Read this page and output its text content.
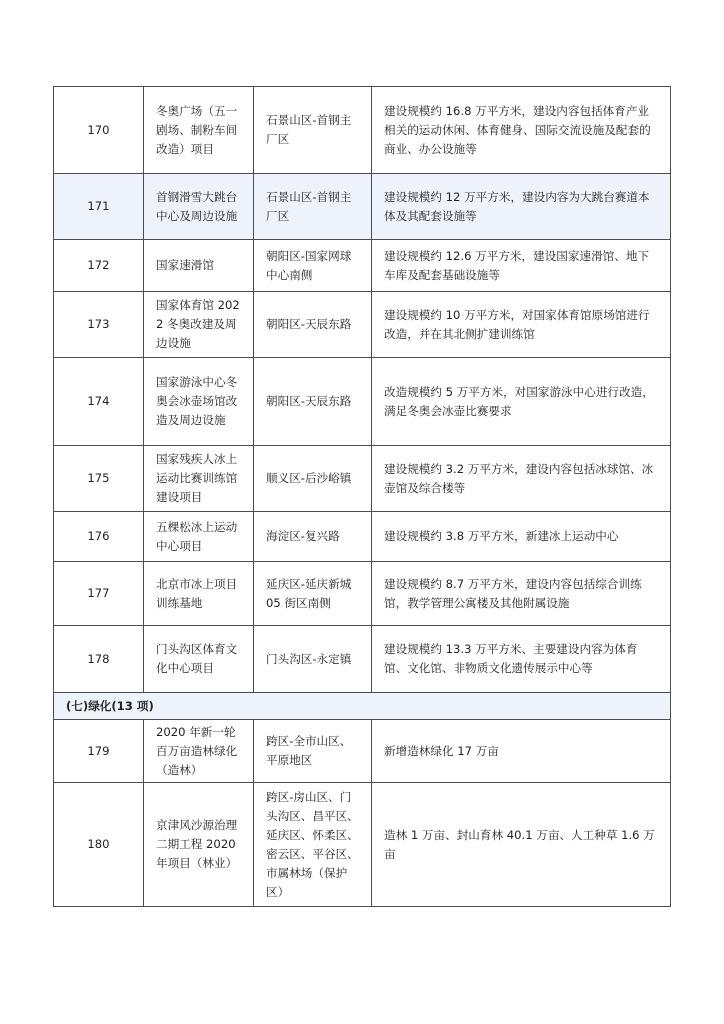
170	冬奥广场（五一剧场、制粉车间改造）项目	石景山区-首钢主厂区	建设规模约 16.8 万平方米，建设内容包括体育产业相关的运动休闲、体育健身、国际交流设施及配套的商业、办公设施等
171	首钢滑雪大跳台中心及周边设施	石景山区-首钢主厂区	建设规模约 12 万平方米，建设内容为大跳台赛道本体及其配套设施等
172	国家速滑馆	朝阳区-国家网球中心南侧	建设规模约 12.6 万平方米，建设国家速滑馆、地下车库及配套基础设施等
173	国家体育馆 2022 冬奥改建及周边设施	朝阳区-天辰东路	建设规模约 10 万平方米，对国家体育馆原场馆进行改造，并在其北侧扩建训练馆
174	国家游泳中心冬奥会冰壶场馆改造及周边设施	朝阳区-天辰东路	改造规模约 5 万平方米，对国家游泳中心进行改造，满足冬奥会冰壶比赛要求
175	国家残疾人冰上运动比赛训练馆建设项目	顺义区-后沙峪镇	建设规模约 3.2 万平方米，建设内容包括冰球馆、冰壶馆及综合楼等
176	五棵松冰上运动中心项目	海淀区-复兴路	建设规模约 3.8 万平方米，新建冰上运动中心
177	北京市冰上项目训练基地	延庆区-延庆新城 05 街区南侧	建设规模约 8.7 万平方米，建设内容包括综合训练馆，教学管理公寓楼及其他附属设施
178	门头沟区体育文化中心项目	门头沟区-永定镇	建设规模约 13.3 万平方米、主要建设内容为体育馆、文化馆、非物质文化遗传展示中心等
(七)绿化(13 项)			
179	2020 年新一轮百万亩造林绿化（造林）	跨区-全市山区、平原地区	新增造林绿化 17 万亩
180	京津风沙源治理二期工程 2020 年项目（林业）	跨区-房山区、门头沟区、昌平区、延庆区、怀柔区、密云区、平谷区、市属林场（保护区）	造林 1 万亩、封山育林 40.1 万亩、人工种草 1.6 万亩
